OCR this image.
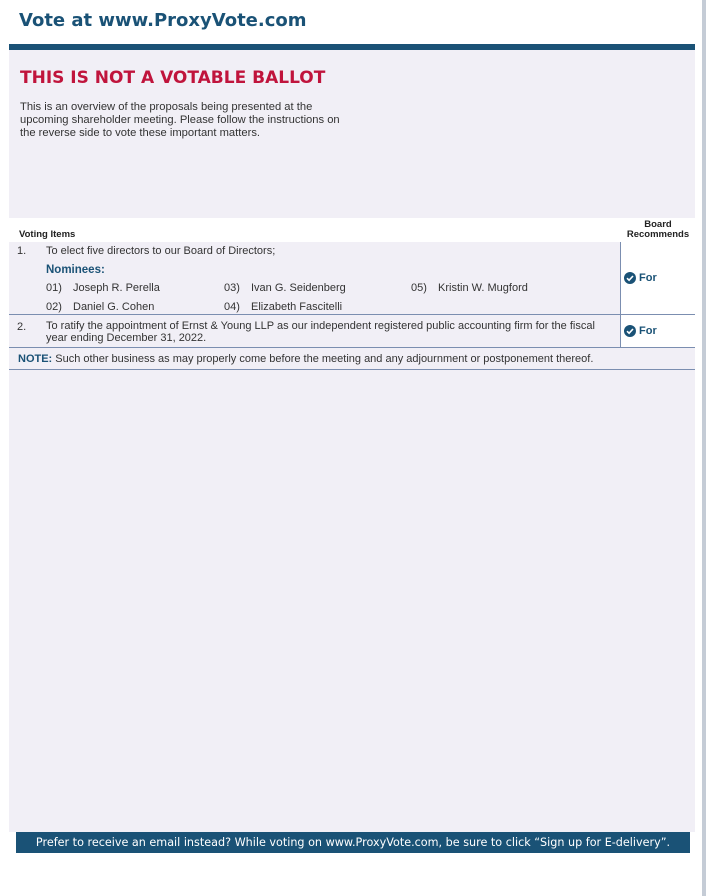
Vote at www.ProxyVote.com
THIS IS NOT A VOTABLE BALLOT
This is an overview of the proposals being presented at the upcoming shareholder meeting. Please follow the instructions on the reverse side to vote these important matters.
Voting Items
Board Recommends
1. To elect five directors to our Board of Directors;
Nominees:
01) Joseph R. Perella
02) Daniel G. Cohen
03) Ivan G. Seidenberg
04) Elizabeth Fascitelli
05) Kristin W. Mugford
For
2. To ratify the appointment of Ernst & Young LLP as our independent registered public accounting firm for the fiscal year ending December 31, 2022.
For
NOTE: Such other business as may properly come before the meeting and any adjournment or postponement thereof.
Prefer to receive an email instead? While voting on www.ProxyVote.com, be sure to click “Sign up for E-delivery”.
